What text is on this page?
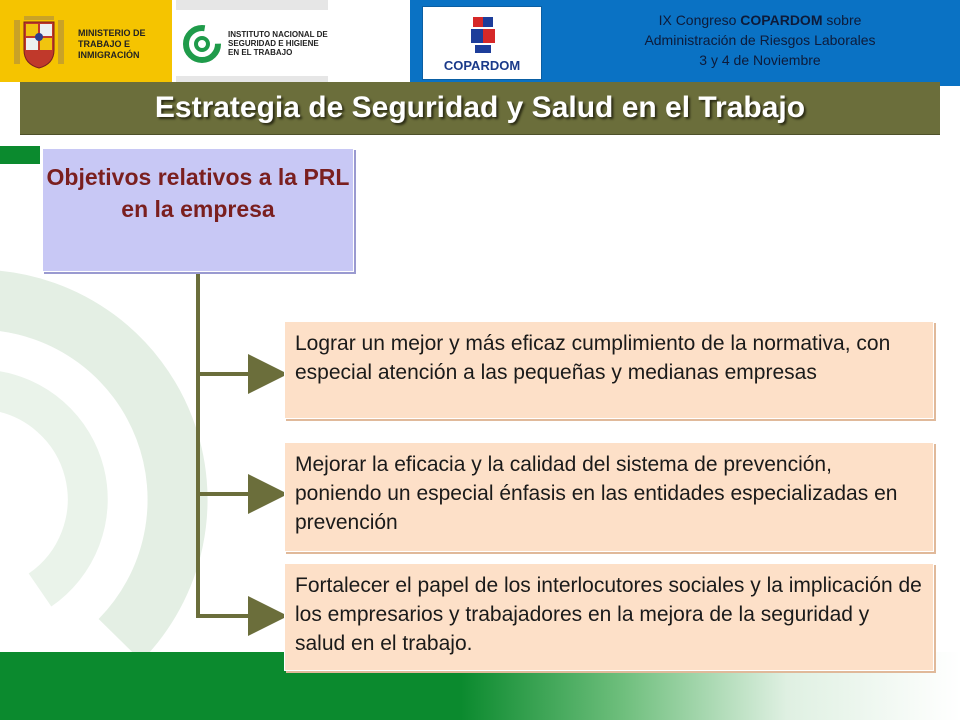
MINISTERIO DE TRABAJO E INMIGRACIÓN
INSTITUTO NACIONAL DE SEGURIDAD E HIGIENE EN EL TRABAJO
COPARDOM
IX Congreso COPARDOM sobre
Administración de Riesgos Laborales
3 y 4 de Noviembre
Estrategia de Seguridad y Salud en el Trabajo
Objetivos relativos a la PRL en la empresa
Lograr un mejor y más eficaz cumplimiento de la normativa, con especial atención a las pequeñas y medianas empresas
Mejorar la eficacia y la calidad del sistema de prevención, poniendo un especial énfasis en las entidades especializadas en prevención
Fortalecer el papel de los interlocutores sociales y la implicación de los empresarios y trabajadores en la mejora de la seguridad y salud en el trabajo.
